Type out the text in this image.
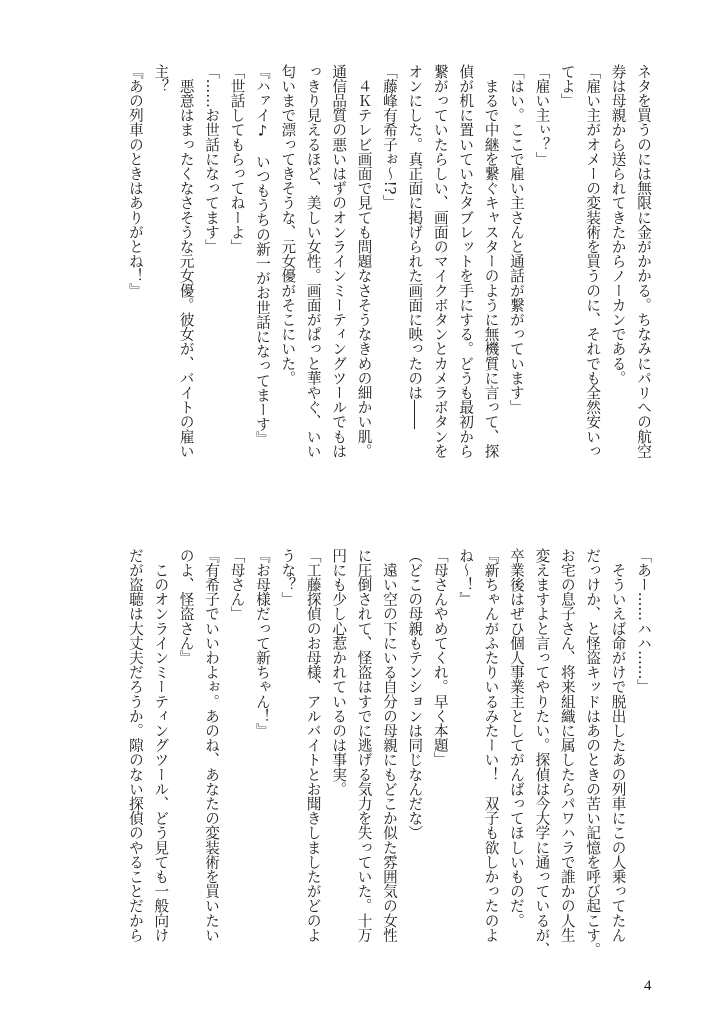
ネタを買うのには無限に金がかかる。ちなみにパリへの航空
券は母親から送られてきたからノーカンである。
「雇い主がオメーの変装術を買うのに、それでも全然安いっ
てよ」
「雇い主ぃ？」
「はい。ここで雇い主さんと通話が繋がっています」
　まるで中継を繋ぐキャスターのように無機質に言って、探
偵が机に置いていたタブレットを手にする。どうも最初から
繋がっていたらしい、画面のマイクボタンとカメラボタンを
オンにした。真正面に掲げられた画面に映ったのは――
「藤峰有希子ぉ～!?」
　４Ｋテレビ画面で見ても問題なさそうなきめの細かい肌。
通信品質の悪いはずのオンラインミーティングツールでもは
っきり見えるほど、美しい女性。画面がぱっと華やぐ、いい
匂いまで漂ってきそうな、元女優がそこにいた。
『ハァイ♪　いつもうちの新一がお世話になってまーす』
「世話してもらってねーよ」
「……お世話になってます」
　悪意はまったくなさそうな元女優。彼女が、バイトの雇い
主？
『あの列車のときはありがとね！』
「あー……ハハ……」
　そういえば命がけで脱出したあの列車にこの人乗ってたん
だっけか、と怪盗キッドはあのときの苦い記憶を呼び起こす。
お宅の息子さん、将来組織に属したらパワハラで誰かの人生
変えますよと言ってやりたい。探偵は今大学に通っているが、
卒業後はぜひ個人事業主としてがんばってほしいものだ。
『新ちゃんがふたりいるみたーい！　双子も欲しかったのよ
ね～！』
「母さんやめてくれ。早く本題」
（どこの母親もテンションは同じなんだな）
　遠い空の下にいる自分の母親にもどこか似た雰囲気の女性
に圧倒されて、怪盗はすでに逃げる気力を失っていた。十万
円にも少し心惹かれているのは事実。
「工藤探偵のお母様、アルバイトとお聞きしましたがどのよ
うな？」
『お母様だって新ちゃん！』
「母さん」
『有希子でいいわよぉ。あのね、あなたの変装術を買いたい
のよ、怪盗さん』
　このオンラインミーティングツール、どう見ても一般向け
だが盗聴は大丈夫だろうか。隙のない探偵のやることだから
4
